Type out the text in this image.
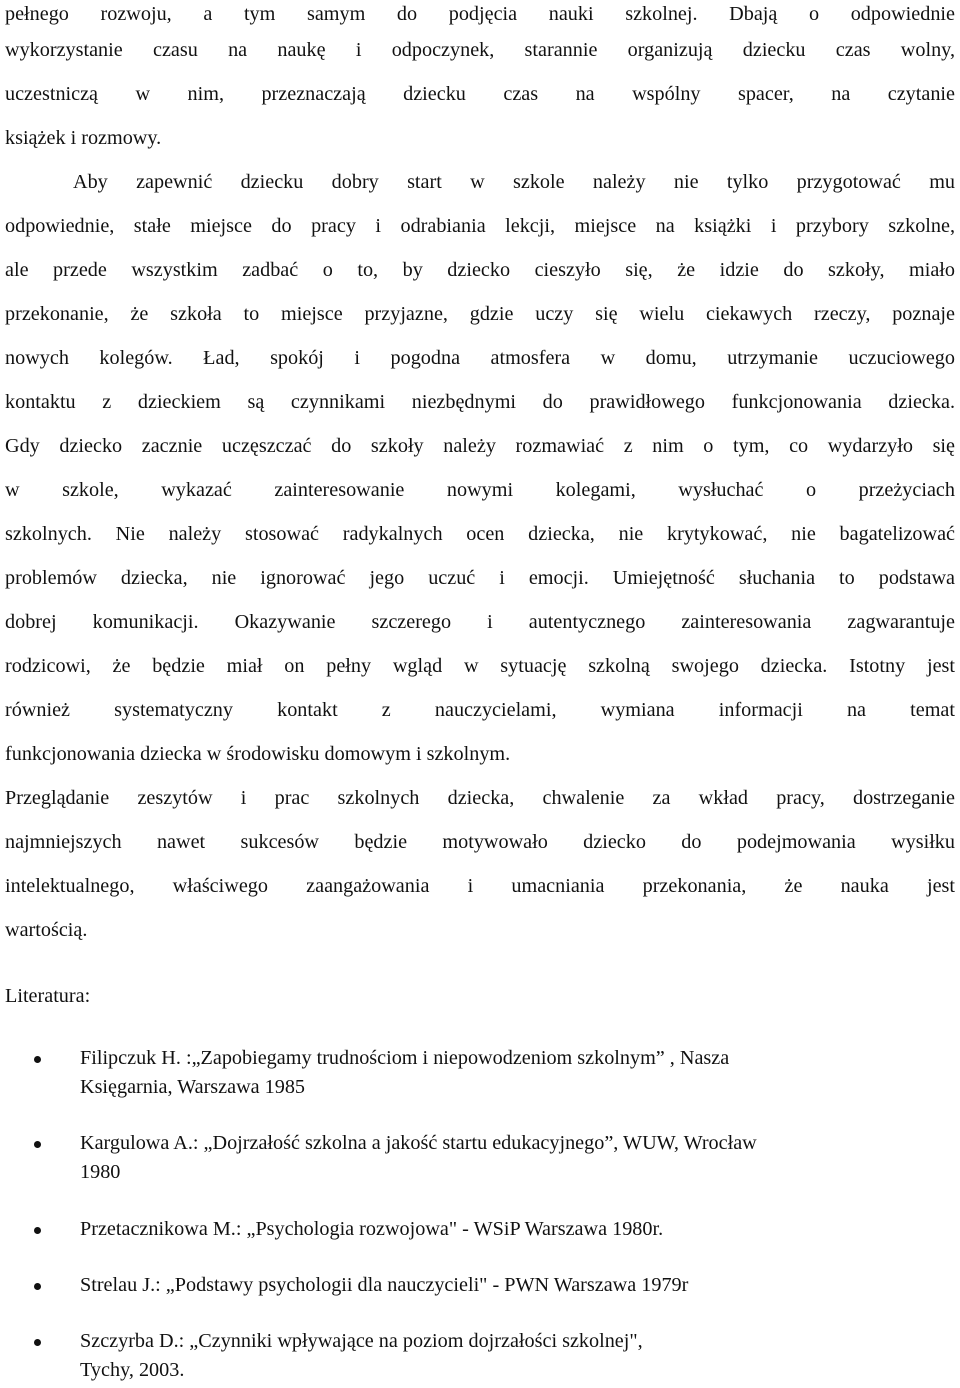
pełnego rozwoju, a tym samym do podjęcia nauki szkolnej. Dbają o odpowiednie
wykorzystanie czasu na naukę i odpoczynek, starannie organizują dziecku czas wolny,
uczestniczą w nim, przeznaczają dziecku czas na wspólny spacer, na czytanie
książek i rozmowy.
Aby zapewnić dziecku dobry start w szkole należy nie tylko przygotować mu
odpowiednie, stałe miejsce do pracy i odrabiania lekcji, miejsce na książki i przybory szkolne,
ale przede wszystkim zadbać o to, by dziecko cieszyło się, że idzie do szkoły, miało
przekonanie, że szkoła to miejsce przyjazne, gdzie uczy się wielu ciekawych rzeczy, poznaje
nowych kolegów. Ład, spokój i pogodna atmosfera w domu, utrzymanie uczuciowego
kontaktu z dzieckiem są czynnikami niezbędnymi do prawidłowego funkcjonowania dziecka.
Gdy dziecko zacznie uczęszczać do szkoły należy rozmawiać z nim o tym, co wydarzyło się
w szkole, wykazać zainteresowanie nowymi kolegami, wysłuchać o przeżyciach
szkolnych. Nie należy stosować radykalnych ocen dziecka, nie krytykować, nie bagatelizować
problemów dziecka, nie ignorować jego uczuć i emocji. Umiejętność słuchania to podstawa
dobrej komunikacji. Okazywanie szczerego i autentycznego zainteresowania zagwarantuje
rodzicowi, że będzie miał on pełny wgląd w sytuację szkolną swojego dziecka. Istotny jest
również systematyczny kontakt z nauczycielami, wymiana informacji na temat
funkcjonowania dziecka w środowisku domowym i szkolnym.
Przeglądanie zeszytów i prac szkolnych dziecka, chwalenie za wkład pracy, dostrzeganie
najmniejszych nawet sukcesów będzie motywowało dziecko do podejmowania wysiłku
intelektualnego, właściwego zaangażowania i umacniania przekonania, że nauka jest
wartością.
Literatura:
Filipczuk H. :„Zapobiegamy trudnościom i niepowodzeniom szkolnym” , Nasza
Księgarnia, Warszawa 1985
Kargulowa A.: „Dojrzałość szkolna a jakość startu edukacyjnego”, WUW, Wrocław
1980
Przetacznikowa M.: „Psychologia rozwojowa" - WSiP Warszawa 1980r.
Strelau J.: „Podstawy psychologii dla nauczycieli" - PWN Warszawa 1979r
Szczyrba D.: „Czynniki wpływające na poziom dojrzałości szkolnej",
Tychy, 2003.
